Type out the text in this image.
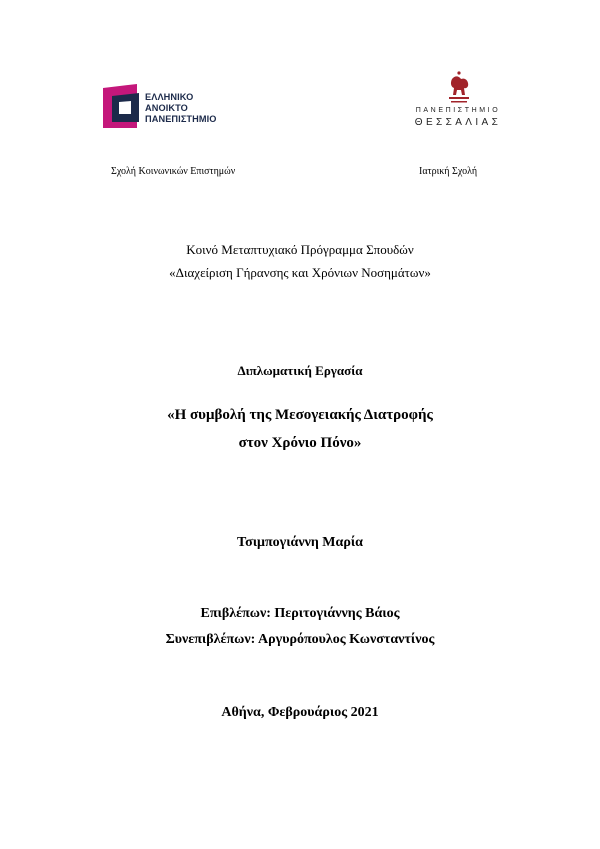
ΕΛΛΗΝΙΚΟ
ΑΝΟΙΚΤΟ
ΠΑΝΕΠΙΣΤΗΜΙΟ
ΠΑΝΕΠΙΣΤΗΜΙΟ
ΘΕΣΣΑΛΙΑΣ
Σχολή Κοινωνικών Επιστημών	Ιατρική Σχολή
Κοινό Μεταπτυχιακό Πρόγραμμα Σπουδών
«Διαχείριση Γήρανσης και Χρόνιων Νοσημάτων»
Διπλωματική Εργασία
«Η συμβολή της Μεσογειακής Διατροφής
στον Χρόνιο Πόνο»
Τσιμπογιάννη Μαρία
Επιβλέπων: Περιτογιάννης Βάιος
Συνεπιβλέπων: Αργυρόπουλος Κωνσταντίνος
Αθήνα, Φεβρουάριος 2021
